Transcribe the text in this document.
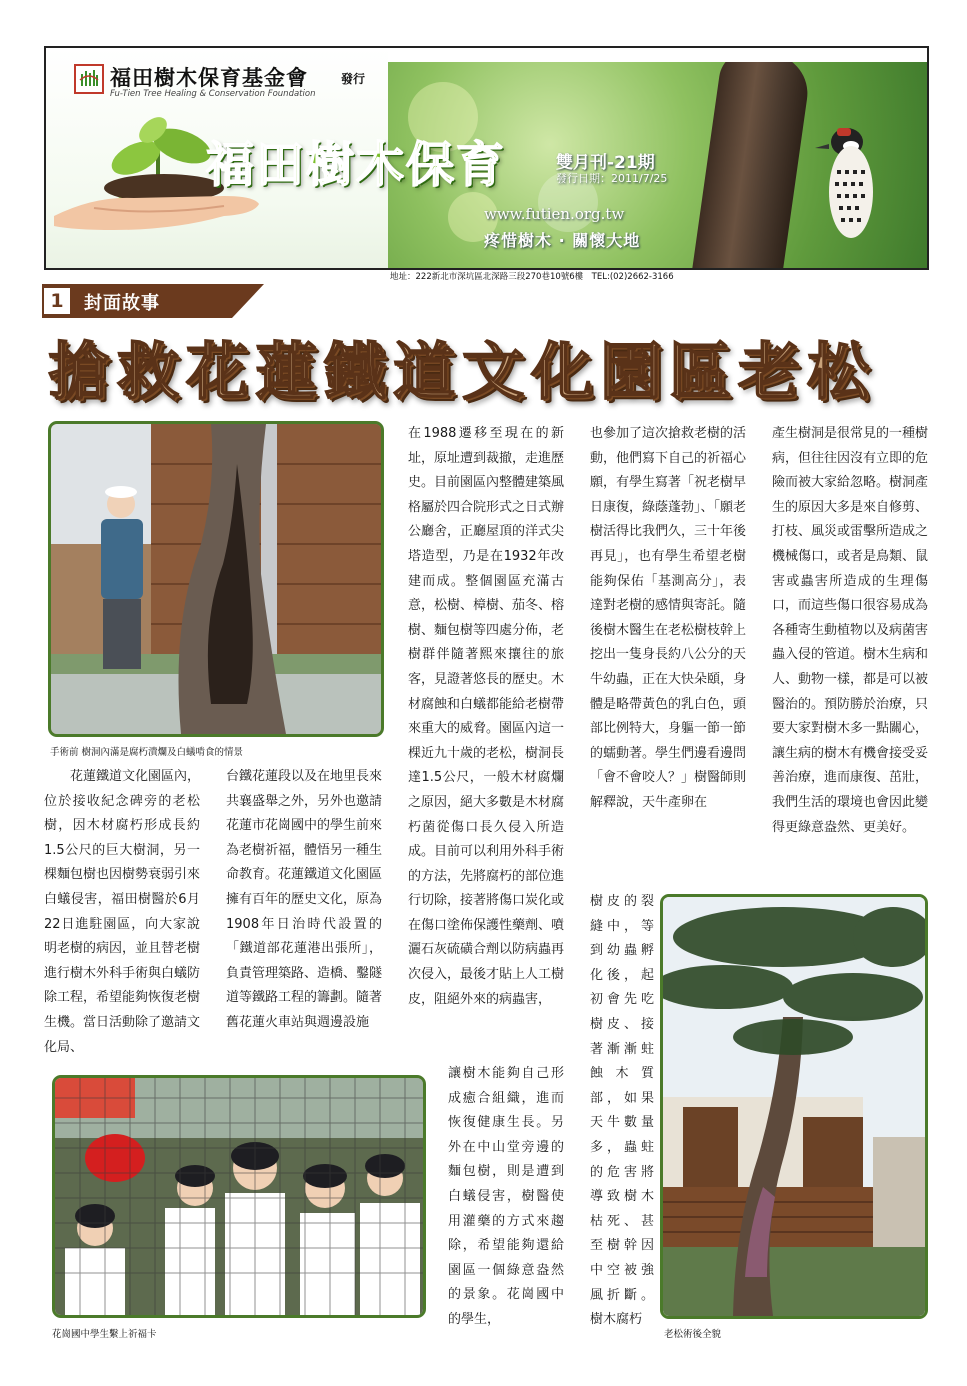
福田樹木保育基金會
Fu-Tien Tree Healing & Conservation Foundation
發行
福田樹木保育	雙月刊-21期
發行日期：2011/7/25
www.futien.org.tw
疼惜樹木 · 關懷大地
地址：222新北市深坑區北深路三段270巷10號6樓　TEL:(02)2662-3166
1	封面故事
搶救花蓮鐵道文化園區老松
手術前 樹洞內滿是腐朽潰爛及白蟻啃食的情景
花崗國中學生繫上祈福卡	老松術後全貌

　　花蓮鐵道文化園區內，位於接收紀念碑旁的老松樹，因木材腐朽形成長約1.5公尺的巨大樹洞，另一棵麵包樹也因樹勢衰弱引來白蟻侵害，福田樹醫於6月22日進駐園區，向大家說明老樹的病因，並且替老樹進行樹木外科手術與白蟻防除工程，希望能夠恢復老樹生機。當日活動除了邀請文化局、

台鐵花蓮段以及在地里長來共襄盛舉之外，另外也邀請花蓮市花崗國中的學生前來為老樹祈福，體悟另一種生命教育。花蓮鐵道文化園區擁有百年的歷史文化，原為1908年日治時代設置的「鐵道部花蓮港出張所」，負責管理築路、造橋、鑿隧道等鐵路工程的籌劃。隨著舊花蓮火車站與週邊設施

在1988遷移至現在的新址，原址遭到裁撤，走進歷史。目前園區內整體建築風格屬於四合院形式之日式辦公廳舍，正廳屋頂的洋式尖塔造型，乃是在1932年改建而成。整個園區充滿古意，松樹、樟樹、茄冬、榕樹、麵包樹等四處分佈，老樹群伴隨著熙來攘往的旅客，見證著悠長的歷史。木材腐蝕和白蟻都能給老樹帶來重大的威脅。園區內這一棵近九十歲的老松，樹洞長達1.5公尺，一般木材腐爛之原因，絕大多數是木材腐朽菌從傷口長久侵入所造成。目前可以利用外科手術的方法，先將腐朽的部位進行切除，接著將傷口炭化或在傷口塗佈保護性藥劑、噴灑石灰硫磺合劑以防病蟲再次侵入，最後才貼上人工樹皮，阻絕外來的病蟲害，

讓樹木能夠自己形成癒合組織，進而恢復健康生長。另外在中山堂旁邊的麵包樹，則是遭到白蟻侵害，樹醫使用灌藥的方式來趨除，希望能夠還給園區一個綠意盎然的景象。花崗國中的學生，

也參加了這次搶救老樹的活動，他們寫下自己的祈福心願，有學生寫著「祝老樹早日康復，綠蔭蓬勃」、「願老樹活得比我們久，三十年後再見」，也有學生希望老樹能夠保佑「基測高分」，表達對老樹的感情與寄託。隨後樹木醫生在老松樹枝幹上挖出一隻身長約八公分的天牛幼蟲，正在大快朵頤，身體是略帶黃色的乳白色，頭部比例特大，身軀一節一節的蠕動著。學生們邊看邊問「會不會咬人？」樹醫師則解釋說，天牛產卵在

樹皮的裂縫中，等到幼蟲孵化後，起初會先吃樹皮、接著漸漸蛀蝕木質部，如果天牛數量多，蟲蛀的危害將導致樹木枯死、甚至樹幹因中空被強風折斷。樹木腐朽

產生樹洞是很常見的一種樹病，但往往因沒有立即的危險而被大家給忽略。樹洞產生的原因大多是來自修剪、打枝、風災或雷擊所造成之機械傷口，或者是鳥類、鼠害或蟲害所造成的生理傷口，而這些傷口很容易成為各種寄生動植物以及病菌害蟲入侵的管道。樹木生病和人、動物一樣，都是可以被醫治的。預防勝於治療，只要大家對樹木多一點關心，讓生病的樹木有機會接受妥善治療，進而康復、茁壯，我們生活的環境也會因此變得更綠意盎然、更美好。
